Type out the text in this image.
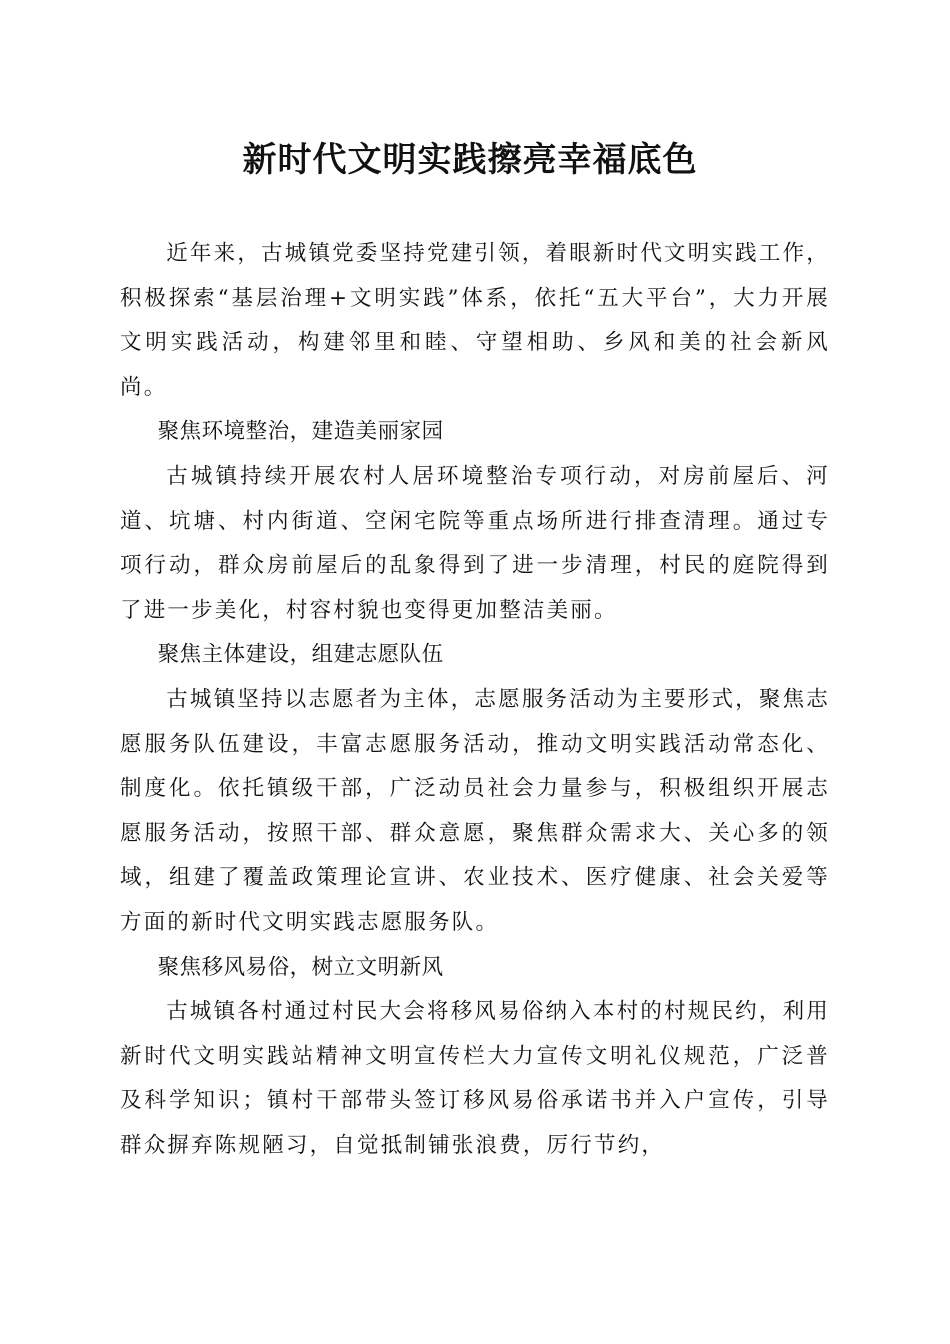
新时代文明实践擦亮幸福底色

近年来，古城镇党委坚持党建引领，着眼新时代文明实践工作，积极探索“基层治理+文明实践”体系，依托“五大平台”，大力开展文明实践活动，构建邻里和睦、守望相助、乡风和美的社会新风尚。

聚焦环境整治，建造美丽家园

古城镇持续开展农村人居环境整治专项行动，对房前屋后、河道、坑塘、村内街道、空闲宅院等重点场所进行排查清理。通过专项行动，群众房前屋后的乱象得到了进一步清理，村民的庭院得到了进一步美化，村容村貌也变得更加整洁美丽。

聚焦主体建设，组建志愿队伍

古城镇坚持以志愿者为主体，志愿服务活动为主要形式，聚焦志愿服务队伍建设，丰富志愿服务活动，推动文明实践活动常态化、制度化。依托镇级干部，广泛动员社会力量参与，积极组织开展志愿服务活动，按照干部、群众意愿，聚焦群众需求大、关心多的领域，组建了覆盖政策理论宣讲、农业技术、医疗健康、社会关爱等方面的新时代文明实践志愿服务队。

聚焦移风易俗，树立文明新风

古城镇各村通过村民大会将移风易俗纳入本村的村规民约，利用新时代文明实践站精神文明宣传栏大力宣传文明礼仪规范，广泛普及科学知识；镇村干部带头签订移风易俗承诺书并入户宣传，引导群众摒弃陈规陋习，自觉抵制铺张浪费，厉行节约，
